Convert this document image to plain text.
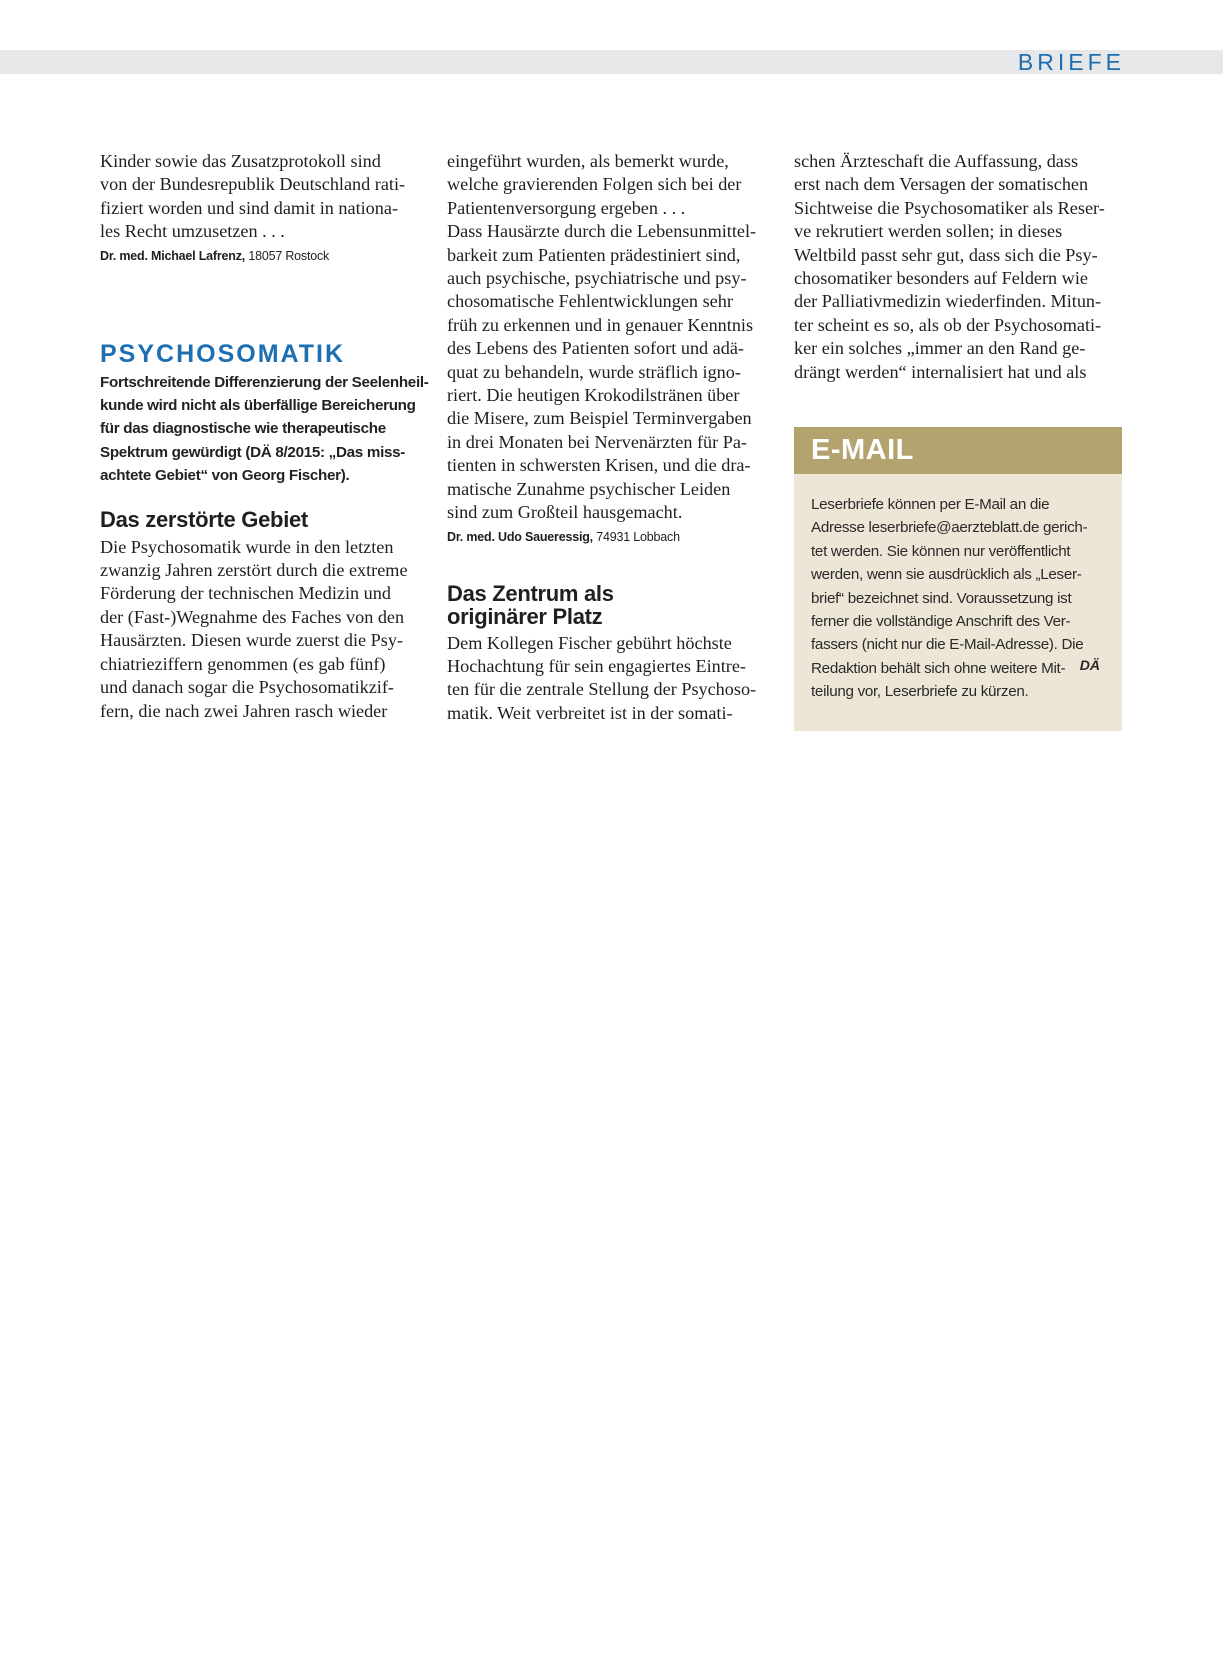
BRIEFE

Kinder sowie das Zusatzprotokoll sind
von der Bundesrepublik Deutschland rati-
fiziert worden und sind damit in nationa-
les Recht umzusetzen . . .

Dr. med. Michael Lafrenz, 18057 Rostock

PSYCHOSOMATIK

Fortschreitende Differenzierung der Seelenheil-
kunde wird nicht als überfällige Bereicherung
für das diagnostische wie therapeutische
Spektrum gewürdigt (DÄ 8/2015: „Das miss-
achtete Gebiet“ von Georg Fischer).

Das zerstörte Gebiet

Die Psychosomatik wurde in den letzten
zwanzig Jahren zerstört durch die extreme
Förderung der technischen Medizin und
der (Fast-)Wegnahme des Faches von den
Hausärzten. Diesen wurde zuerst die Psy-
chiatrieziffern genommen (es gab fünf)
und danach sogar die Psychosomatikzif-
fern, die nach zwei Jahren rasch wieder

eingeführt wurden, als bemerkt wurde,
welche gravierenden Folgen sich bei der
Patientenversorgung ergeben . . .
Dass Hausärzte durch die Lebensunmittel-
barkeit zum Patienten prädestiniert sind,
auch psychische, psychiatrische und psy-
chosomatische Fehlentwicklungen sehr
früh zu erkennen und in genauer Kenntnis
des Lebens des Patienten sofort und adä-
quat zu behandeln, wurde sträflich igno-
riert. Die heutigen Krokodilstränen über
die Misere, zum Beispiel Terminvergaben
in drei Monaten bei Nervenärzten für Pa-
tienten in schwersten Krisen, und die dra-
matische Zunahme psychischer Leiden
sind zum Großteil hausgemacht.

Dr. med. Udo Saueressig, 74931 Lobbach

Das Zentrum als
originärer Platz

Dem Kollegen Fischer gebührt höchste
Hochachtung für sein engagiertes Eintre-
ten für die zentrale Stellung der Psychoso-
matik. Weit verbreitet ist in der somati-

schen Ärzteschaft die Auffassung, dass
erst nach dem Versagen der somatischen
Sichtweise die Psychosomatiker als Reser-
ve rekrutiert werden sollen; in dieses
Weltbild passt sehr gut, dass sich die Psy-
chosomatiker besonders auf Feldern wie
der Palliativmedizin wiederfinden. Mitun-
ter scheint es so, als ob der Psychosomati-
ker ein solches „immer an den Rand ge-
drängt werden“ internalisiert hat und als

E-MAIL

Leserbriefe können per E-Mail an die
Adresse leserbriefe@aerzteblatt.de gerich-
tet werden. Sie können nur veröffentlicht
werden, wenn sie ausdrücklich als „Leser-
brief“ bezeichnet sind. Voraussetzung ist
ferner die vollständige Anschrift des Ver-
fassers (nicht nur die E-Mail-Adresse). Die
Redaktion behält sich ohne weitere Mit-
teilung vor, Leserbriefe zu kürzen.

DÄ
